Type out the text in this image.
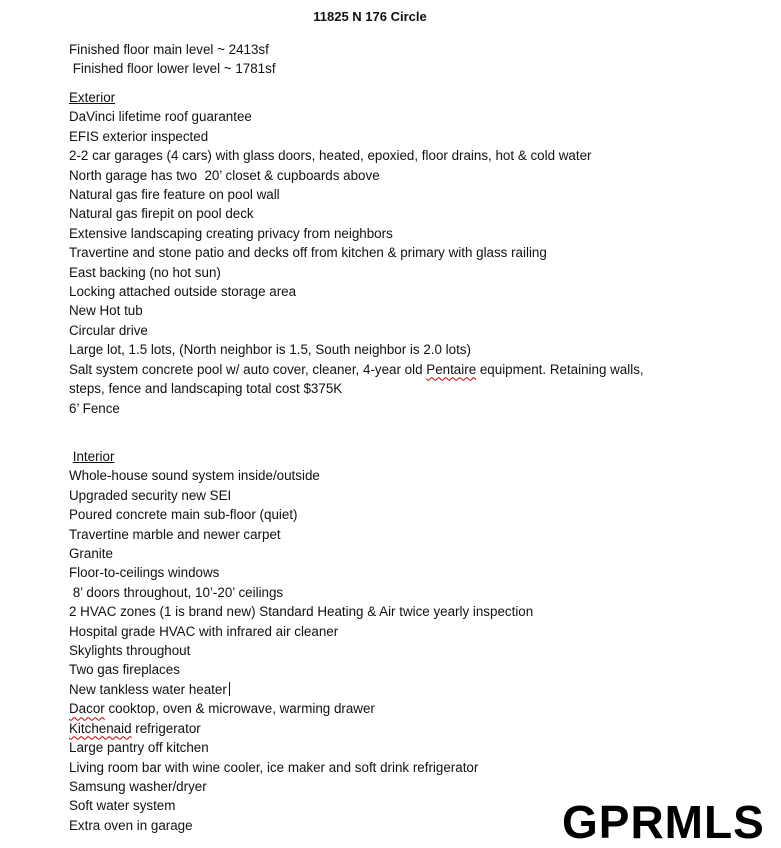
11825 N 176 Circle
Finished floor main level ~ 2413sf
Finished floor lower level ~ 1781sf
Exterior
DaVinci lifetime roof guarantee
EFIS exterior inspected
2-2 car garages (4 cars) with glass doors, heated, epoxied, floor drains, hot & cold water
North garage has two  20’ closet & cupboards above
Natural gas fire feature on pool wall
Natural gas firepit on pool deck
Extensive landscaping creating privacy from neighbors
Travertine and stone patio and decks off from kitchen & primary with glass railing
East backing (no hot sun)
Locking attached outside storage area
New Hot tub
Circular drive
Large lot, 1.5 lots, (North neighbor is 1.5, South neighbor is 2.0 lots)
Salt system concrete pool w/ auto cover, cleaner, 4-year old Pentaire equipment. Retaining walls,
steps, fence and landscaping total cost $375K
6’ Fence
Interior
Whole-house sound system inside/outside
Upgraded security new SEI
Poured concrete main sub-floor (quiet)
Travertine marble and newer carpet
Granite
Floor-to-ceilings windows
8’ doors throughout, 10’-20’ ceilings
2 HVAC zones (1 is brand new) Standard Heating & Air twice yearly inspection
Hospital grade HVAC with infrared air cleaner
Skylights throughout
Two gas fireplaces
New tankless water heater
Dacor cooktop, oven & microwave, warming drawer
Kitchenaid refrigerator
Large pantry off kitchen
Living room bar with wine cooler, ice maker and soft drink refrigerator
Samsung washer/dryer
Soft water system
Extra oven in garage	GPRMLS
